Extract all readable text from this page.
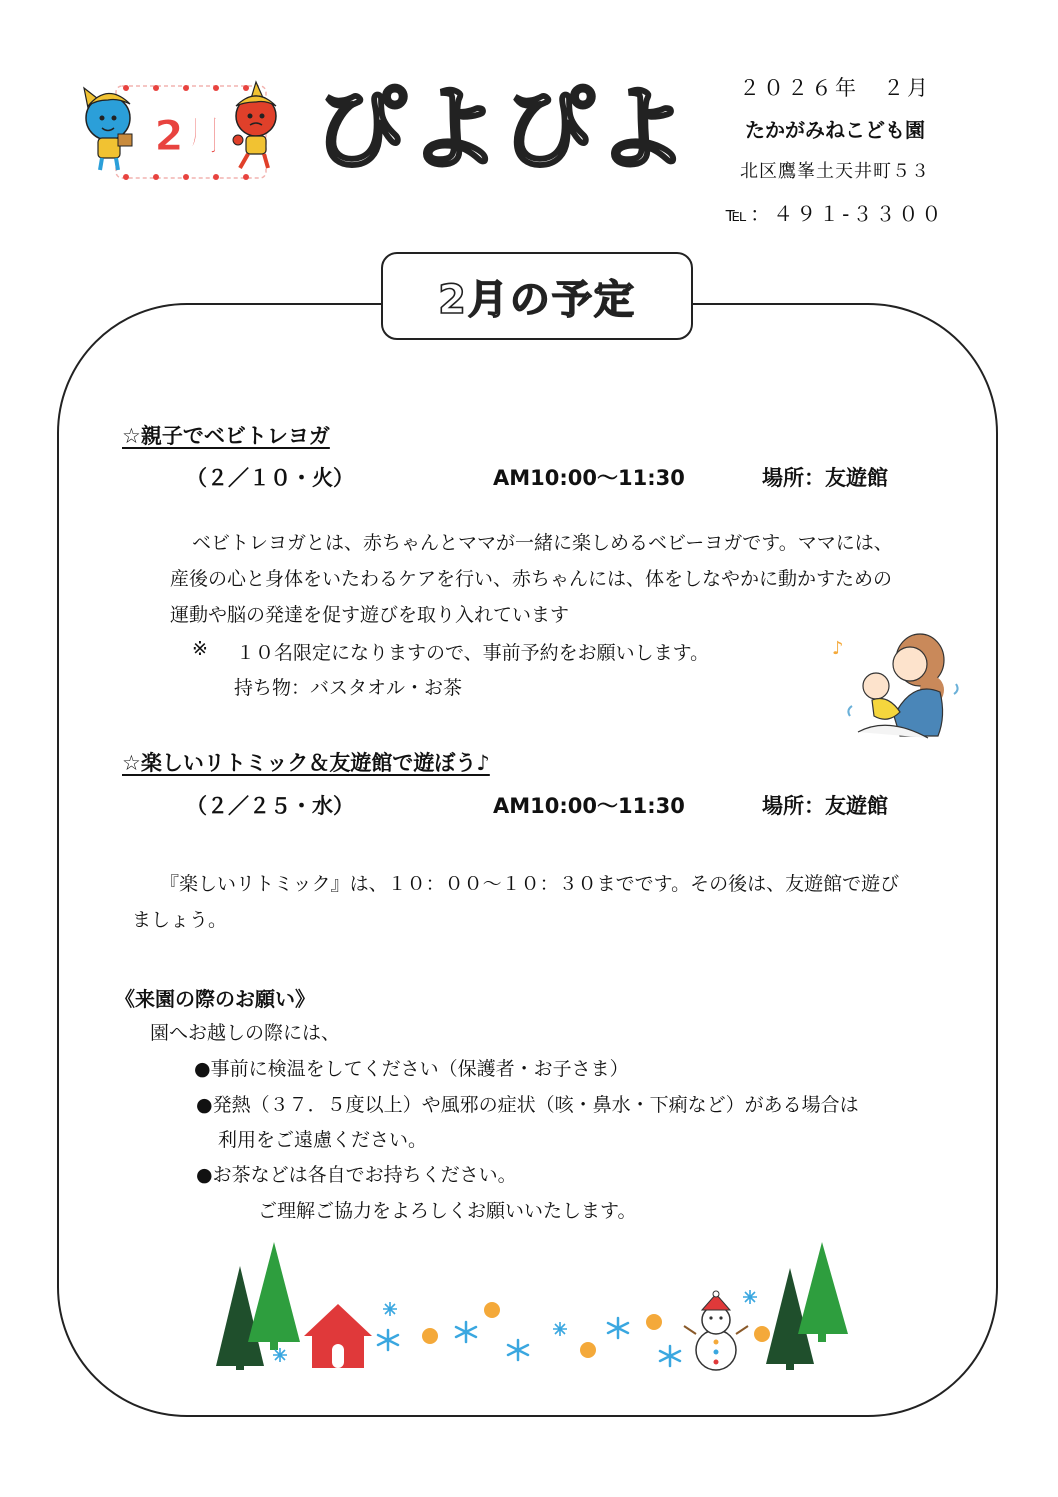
2月 ぴよぴよ	２０２６年　２月
たかがみねこども園
北区鷹峯土天井町５３
℡：４９１-３３００
2月の予定
☆親子でベビトレヨガ
（２／１０・火）	AM10:00～11:30	場所：友遊館
ベビトレヨガとは、赤ちゃんとママが一緒に楽しめるベビーヨガです。ママには、
産後の心と身体をいたわるケアを行い、赤ちゃんには、体をしなやかに動かすための
運動や脳の発達を促す遊びを取り入れています
※ １０名限定になりますので、事前予約をお願いします。
持ち物：バスタオル・お茶
♪
☆楽しいリトミック＆友遊館で遊ぼう♪
（２／２５・水）	AM10:00～11:30	場所：友遊館
『楽しいリトミック』は、１０：００～１０：３０までです。その後は、友遊館で遊び
ましょう。
《来園の際のお願い》
園へお越しの際には、
●事前に検温をしてください（保護者・お子さま）
●発熱（３７．５度以上）や風邪の症状（咳・鼻水・下痢など）がある場合は
利用をご遠慮ください。
●お茶などは各自でお持ちください。
ご理解ご協力をよろしくお願いいたします。
